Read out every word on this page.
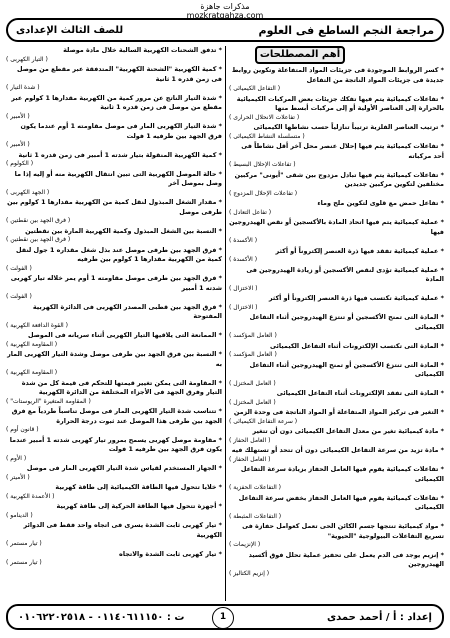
مذكرات جاهزة
mozkratgahza.com
مراجعة النجم الساطع فى العلوم
للصف الثالث الإعدادى
أهم المصطلحات
* كسر الروابط الموجودة فى جزيئات المواد المتفاعلة وتكوين روابط جديدة فى جزيئات المواد الناتجة من التفاعل
( التفاعل الكيميائى )
* تفاعلات كيميائية يتم فيها تفكك جزيئات بعض المركبات الكيميائية بالحرارة إلى العناصر الأولية أو إلى مركبات أبسط منها
( تفاعلات الانحلال الحرارى )
* ترتيب العناصر الفلزية ترتيباً تنازلياً حسب نشاطها الكيميائى
( متسلسلة النشاط الكيميائى )
* تفاعلات كيميائية يتم فيها إحلال عنصر محل آخر أقل نشاطاً فى أحد مركباته
( تفاعلات الإحلال البسيط )
* تفاعلات كيميائية يتم فيها تبادل مزدوج بين شقى "أيونى" مركبين مختلفين لتكوين مركبين جديدين
( تفاعلات الإحلال المزدوج )
* تفاعل حمض مع قلوى لتكوين ملح وماء
( تفاعل التعادل )
* عملية كيميائية يتم فيها اتحاد المادة بالأكسجين أو نقص الهيدروجين فيها
( الأكسدة )
* عملية كيميائية تفقد فيها ذرة العنصر إلكتروناً أو أكثر
( الأكسدة )
* عملية كيميائية تؤدى لنقص الأكسجين أو زيادة الهيدروجين فى المادة
( الاختزال )
* عملية كيميائية تكتسب فيها ذرة العنصر إلكتروناً أو أكثر
( الاختزال )
* المادة التى تمنح الأكسجين أو تنتزع الهيدروجين أثناء التفاعل الكيميائى
( العامل المؤكسد )
* المادة التى تكتسب الإلكترونات أثناء التفاعل الكيميائى
( العامل المؤكسد )
* المادة التى تنتزع الأكسجين أو تمنح الهيدروجين أثناء التفاعل الكيميائى
( العامل المختزل )
* المادة التى تفقد الإلكترونات أثناء التفاعل الكيميائى
( العامل المختزل )
* التغير فى تركيز المواد المتفاعلة أو المواد الناتجة فى وحدة الزمن
( سرعة التفاعل الكيميائى )
* مادة كيميائية تغير من معدل التفاعل الكيميائى دون أن تتغير
( العامل الحفاز )
* مادة تزيد من سرعة التفاعل الكيميائى دون أن تتحد أو تستهلك فيه
( العامل الحفاز )
* تفاعلات كيميائية يقوم فيها العامل الحفاز بزيادة سرعة التفاعل الكيميائى
( التفاعلات الحفزية )
* تفاعلات كيميائية يقوم فيها العامل الحفاز بخفض سرعة التفاعل الكيميائى
( التفاعلات المثبطة )
* مواد كيميائية تنتجها جسم الكائن الحى تعمل كعوامل حفازة فى تسريع التفاعلات البيولوجية "الحيوية"
( الإنزيمات )
* إنزيم يوجد فى الدم يعمل على تحفيز عملية تحلل فوق أكسيد الهيدروجين
( إنزيم الكتاليز )
* تدفق الشحنات الكهربية السالبة خلال مادة موصلة
( التيار الكهربى )
* كمية الكهربية "الشحنة الكهربية" المتدفقة عبر مقطع من موصل فى زمن قدره 1 ثانية
( شدة التيار )
* شدة التيار الناتج عن مرور كمية من الكهربية مقدارها 1 كولوم عبر مقطع من موصل فى زمن قدره 1 ثانية
( الأمبير )
* شدة التيار الكهربى المار فى موصل مقاومته 1 أوم عندما يكون فرق الجهد بين طرفيه 1 فولت
( الأمبير )
* كمية الكهربية المنقولة بتيار شدته 1 أمبير فى زمن قدره 1 ثانية
( الكولوم )
* حالة الموصل الكهربية التى تبين انتقال الكهربية منه أو إليه إذا ما وصل بموصل آخر
( الجهد الكهربى )
* مقدار الشغل المبذول لنقل كمية من الكهربية مقدارها 1 كولوم بين طرفى موصل
( فرق الجهد بين نقطتين )
* النسبة بين الشغل المبذول وكمية الكهربية المارة بين نقطتين
( فرق الجهد بين نقطتين )
* فرق الجهد بين طرفى موصل عند بذل شغل مقداره 1 جول لنقل كمية من الكهربية مقدارها 1 كولوم بين طرفيه
( الفولت )
* فرق الجهد بين طرفى موصل مقاومته 1 أوم يمر خلاله تيار كهربى شدته 1 أمبير
( الفولت )
* فرق الجهد بين قطبى المصدر الكهربى فى الدائرة الكهربية المفتوحة
( القوة الدافعة الكهربية )
* الممانعة التى يلاقيها التيار الكهربى أثناء سريانه فى الموصل
( المقاومة الكهربية )
* النسبة بين فرق الجهد بين طرفى موصل وشدة التيار الكهربى المار به
( المقاومة الكهربية )
* المقاومة التى يمكن تغيير قيمتها للتحكم فى قيمة كل من شدة التيار وفرق الجهد فى الأجزاء المختلفة من الدائرة الكهربية
( المقاومة المتغيرة "الريوستات" )
* تتناسب شدة التيار الكهربى المار فى موصل تناسباً طردياً مع فرق الجهد بين طرفى هذا الموصل عند ثبوت درجة الحرارة
( قانون أوم )
* مقاومة موصل كهربى يسمح بمرور تيار كهربى شدته 1 أمبير عندما يكون فرق الجهد بين طرفيه 1 فولت
( الأوم )
* الجهاز المستخدم لقياس شدة التيار الكهربى المار فى موصل
( الأميتر )
* خلايا تتحول فيها الطاقة الكيميائية إلى طاقة كهربية
( الأعمدة الكهربية )
* أجهزة تتحول فيها الطاقة الحركية إلى طاقة كهربية
( الدينامو )
* تيار كهربى ثابت الشدة يسرى فى اتجاه واحد فقط فى الدوائر الكهربية
( تيار مستمر )
* تيار كهربى ثابت الشدة والاتجاه
( تيار مستمر )
إعداد : أ / أحمد حمدى
ت : ٠١١٤٠٦١١١٥٠ - ٠١٠٦٢٢٠٢٥١٨	1
